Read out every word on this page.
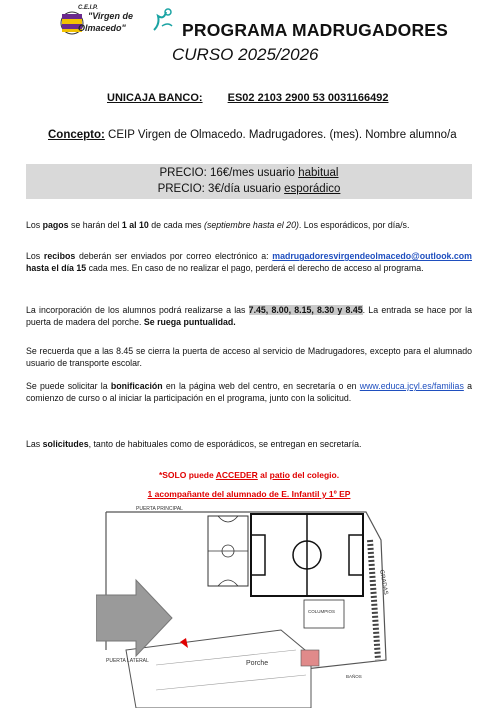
C.E.I.P.
"Virgen de
Olmacedo"	PROGRAMA MADRUGADORES
CURSO 2025/2026
UNICAJA BANCO: ES02 2103 2900 53 0031166492
Concepto: CEIP Virgen de Olmacedo. Madrugadores. (mes). Nombre alumno/a
PRECIO: 16€/mes usuario habitual
PRECIO: 3€/día usuario esporádico
Los pagos se harán del 1 al 10 de cada mes (septiembre hasta el 20). Los esporádicos, por día/s.
Los recibos deberán ser enviados por correo electrónico a: madrugadoresvirgendeolmacedo@outlook.com hasta el día 15 cada mes. En caso de no realizar el pago, perderá el derecho de acceso al programa.
La incorporación de los alumnos podrá realizarse a las 7.45, 8.00, 8.15, 8.30 y 8.45. La entrada se hace por la puerta de madera del porche. Se ruega puntualidad.
Se recuerda que a las 8.45 se cierra la puerta de acceso al servicio de Madrugadores, excepto para el alumnado usuario de transporte escolar.
Se puede solicitar la bonificación en la página web del centro, en secretaría o en www.educa.jcyl.es/familias a comienzo de curso o al iniciar la participación en el programa, junto con la solicitud.
Las solicitudes, tanto de habituales como de esporádicos, se entregan en secretaría.
*SOLO puede ACCEDER al patio del colegio.
1 acompañante del alumnado de E. Infantil y 1º EP
GRADAS
COLUMPIOS
PUERTA PRINCIPAL
Porche
PUERTA LATERAL
BAÑOS
